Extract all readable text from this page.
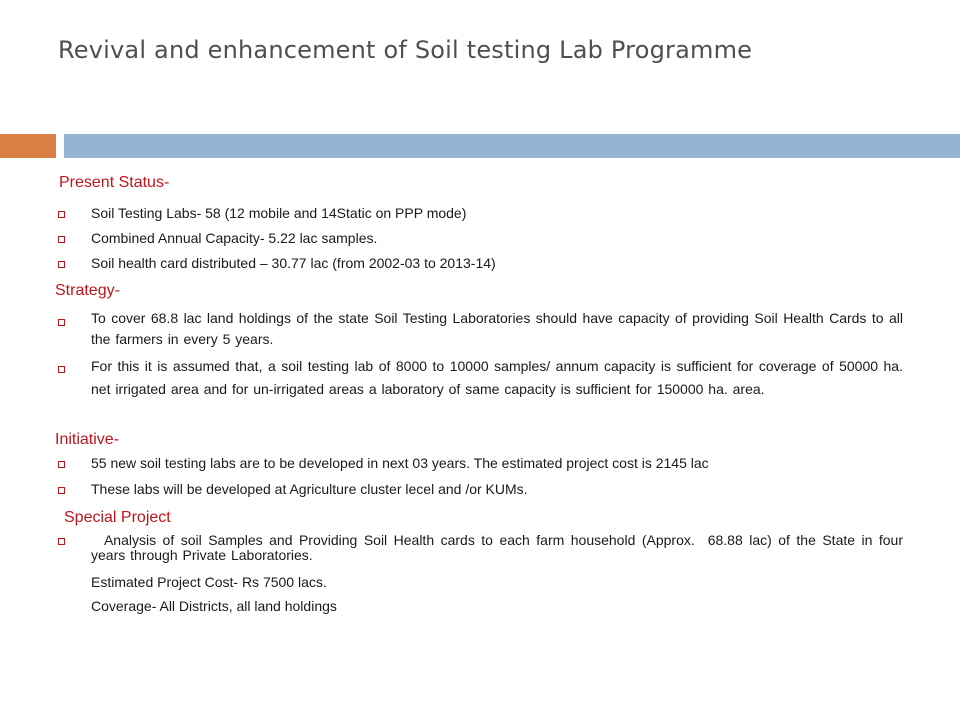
Revival and enhancement of Soil testing Lab Programme
Present Status-
Soil Testing Labs- 58 (12 mobile and 14Static on PPP mode)
Combined Annual Capacity- 5.22 lac samples.
Soil health card distributed – 30.77 lac (from 2002-03 to 2013-14)
Strategy-
To cover 68.8 lac land holdings of the state Soil Testing Laboratories should have capacity of providing Soil Health Cards to all the farmers in every 5 years.
For this it is assumed that, a soil testing lab of 8000 to 10000 samples/ annum capacity is sufficient for coverage of 50000 ha. net irrigated area and for un-irrigated areas a laboratory of same capacity is sufficient for 150000 ha. area.
Initiative-
55 new soil testing labs are to be developed in next 03 years. The estimated project cost is 2145 lac
These labs will be developed at Agriculture cluster lecel and /or KUMs.
Special Project
Analysis of soil Samples and Providing Soil Health cards to each farm household (Approx.  68.88 lac) of the State in four years through Private Laboratories.
Estimated Project Cost- Rs 7500 lacs.
Coverage- All Districts, all land holdings
